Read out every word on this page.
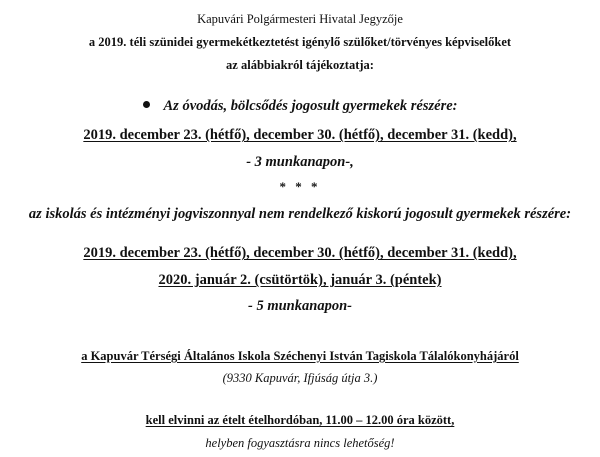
Kapuvári Polgármesteri Hivatal Jegyzője
a 2019. téli szünidei gyermekétkeztetést igénylő szülőket/törvényes képviselőket
az alábbiakról tájékoztatja:
Az óvodás, bölcsődés jogosult gyermekek részére:
2019. december 23. (hétfő), december 30. (hétfő), december 31. (kedd),
- 3 munkanapon-,
* * *
az iskolás és intézményi jogviszonnyal nem rendelkező kiskorú jogosult gyermekek részére:
2019. december 23. (hétfő), december 30. (hétfő), december 31. (kedd),
2020. január 2. (csütörtök), január 3. (péntek)
- 5 munkanapon-
a Kapuvár Térségi Általános Iskola Széchenyi István Tagiskola Tálalókonyhájáról
(9330 Kapuvár, Ifjúság útja 3.)
kell elvinni az ételt ételhordóban, 11.00 – 12.00 óra között,
helyben fogyasztásra nincs lehetőség!
